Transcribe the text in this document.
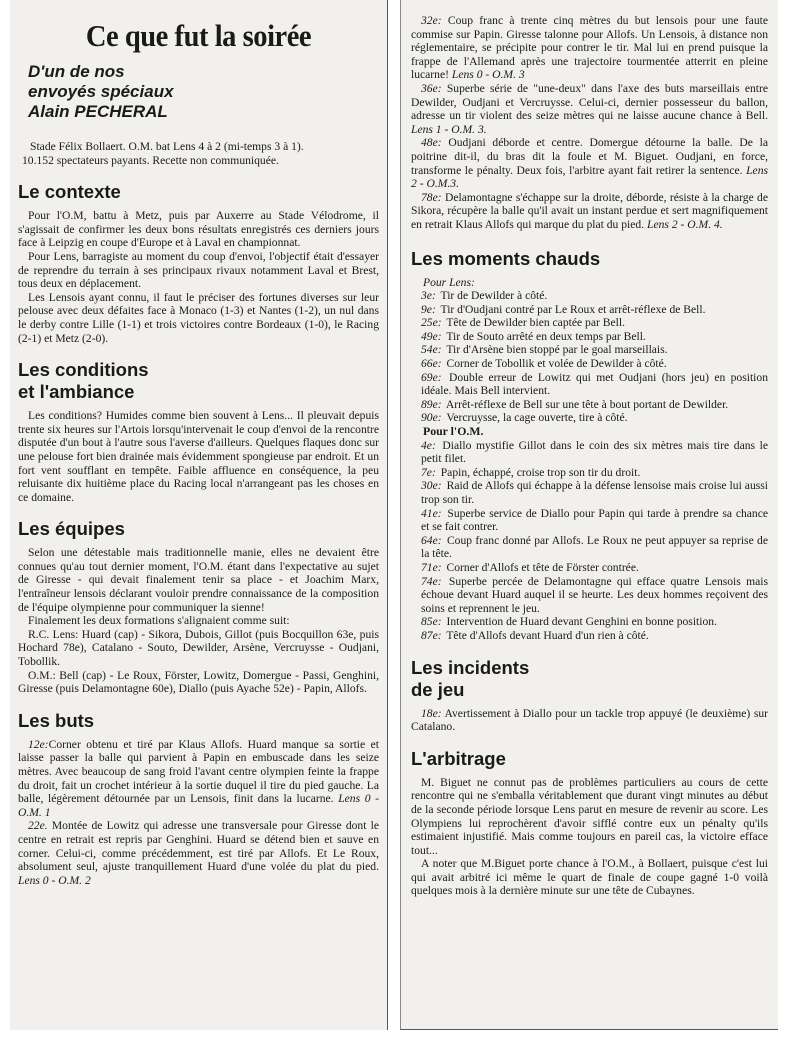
Ce que fut la soirée
D'un de nos
envoyés spéciaux
Alain PECHERAL

Stade Félix Bollaert. O.M. bat Lens 4 à 2 (mi-temps 3 à 1).

10.152 spectateurs payants. Recette non communiquée.

Le contexte

Pour l'O.M, battu à Metz, puis par Auxerre au Stade Vélodrome, il s'agissait de confirmer les deux bons résultats enregistrés ces derniers jours face à Leipzig en coupe d'Europe et à Laval en championnat.

Pour Lens, barragiste au moment du coup d'envoi, l'objectif était d'essayer de reprendre du terrain à ses principaux rivaux notamment Laval et Brest, tous deux en déplacement.

Les Lensois ayant connu, il faut le préciser des fortunes diverses sur leur pelouse avec deux défaites face à Monaco (1-3) et Nantes (1-2), un nul dans le derby contre Lille (1-1) et trois victoires contre Bordeaux (1-0), le Racing (2-1) et Metz (2-0).

Les conditions
et l'ambiance

Les conditions? Humides comme bien souvent à Lens... Il pleuvait depuis trente six heures sur l'Artois lorsqu'intervenait le coup d'envoi de la rencontre disputée d'un bout à l'autre sous l'averse d'ailleurs. Quelques flaques donc sur une pelouse fort bien drainée mais évidemment spongieuse par endroit. Et un fort vent soufflant en tempête. Faible affluence en conséquence, la peu reluisante dix huitième place du Racing local n'arrangeant pas les choses en ce domaine.

Les équipes

Selon une détestable mais traditionnelle manie, elles ne devaient être connues qu'au tout dernier moment, l'O.M. étant dans l'expectative au sujet de Giresse - qui devait finalement tenir sa place - et Joachim Marx, l'entraîneur lensois déclarant vouloir prendre connaissance de la composition de l'équipe olympienne pour communiquer la sienne!

Finalement les deux formations s'alignaient comme suit:

R.C. Lens: Huard (cap) - Sikora, Dubois, Gillot (puis Bocquillon 63e, puis Hochard 78e), Catalano - Souto, Dewilder, Arsène, Vercruysse - Oudjani, Tobollik.

O.M.: Bell (cap) - Le Roux, Förster, Lowitz, Domergue - Passi, Genghini, Giresse (puis Delamontagne 60e), Diallo (puis Ayache 52e) - Papin, Allofs.

Les buts

12e:Corner obtenu et tiré par Klaus Allofs. Huard manque sa sortie et laisse passer la balle qui parvient à Papin en embuscade dans les seize mètres. Avec beaucoup de sang froid l'avant centre olympien feinte la frappe du droit, fait un crochet intérieur à la sortie duquel il tire du pied gauche. La balle, légèrement détournée par un Lensois, finit dans la lucarne. Lens 0 - O.M. 1

22e. Montée de Lowitz qui adresse une transversale pour Giresse dont le centre en retrait est repris par Genghini. Huard se détend bien et sauve en corner. Celui-ci, comme précédemment, est tiré par Allofs. Et Le Roux, absolument seul, ajuste tranquillement Huard d'une volée du plat du pied. Lens 0 - O.M. 2

32e: Coup franc à trente cinq mètres du but lensois pour une faute commise sur Papin. Giresse talonne pour Allofs. Un Lensois, à distance non réglementaire, se précipite pour contrer le tir. Mal lui en prend puisque la frappe de l'Allemand après une trajectoire tourmentée atterrit en pleine lucarne! Lens 0 - O.M. 3

36e: Superbe série de "une-deux" dans l'axe des buts marseillais entre Dewilder, Oudjani et Vercruysse. Celui-ci, dernier possesseur du ballon, adresse un tir violent des seize mètres qui ne laisse aucune chance à Bell. Lens 1 - O.M. 3.

48e: Oudjani déborde et centre. Domergue détourne la balle. De la poitrine dit-il, du bras dit la foule et M. Biguet. Oudjani, en force, transforme le pénalty. Deux fois, l'arbitre ayant fait retirer la sentence. Lens 2 - O.M.3.

78e: Delamontagne s'échappe sur la droite, déborde, résiste à la charge de Sikora, récupère la balle qu'il avait un instant perdue et sert magnifiquement en retrait Klaus Allofs qui marque du plat du pied. Lens 2 - O.M. 4.

Les moments chauds

Pour Lens:

3e: Tir de Dewilder à côté.

9e: Tir d'Oudjani contré par Le Roux et arrêt-réflexe de Bell.

25e: Tête de Dewilder bien captée par Bell.

49e: Tir de Souto arrêté en deux temps par Bell.

54e: Tir d'Arsène bien stoppé par le goal marseillais.

66e: Corner de Tobollik et volée de Dewilder à côté.

69e: Double erreur de Lowitz qui met Oudjani (hors jeu) en position idéale. Mais Bell intervient.

89e: Arrêt-réflexe de Bell sur une tête à bout portant de Dewilder.

90e: Vercruysse, la cage ouverte, tire à côté.

Pour l'O.M.

4e: Diallo mystifie Gillot dans le coin des six mètres mais tire dans le petit filet.

7e: Papin, échappé, croise trop son tir du droit.

30e: Raid de Allofs qui échappe à la défense lensoise mais croise lui aussi trop son tir.

41e: Superbe service de Diallo pour Papin qui tarde à prendre sa chance et se fait contrer.

64e: Coup franc donné par Allofs. Le Roux ne peut appuyer sa reprise de la tête.

71e: Corner d'Allofs et tête de Förster contrée.

74e: Superbe percée de Delamontagne qui efface quatre Lensois mais échoue devant Huard auquel il se heurte. Les deux hommes reçoivent des soins et reprennent le jeu.

85e: Intervention de Huard devant Genghini en bonne position.

87e: Tête d'Allofs devant Huard d'un rien à côté.

Les incidents
de jeu

18e: Avertissement à Diallo pour un tackle trop appuyé (le deuxième) sur Catalano.

L'arbitrage

M. Biguet ne connut pas de problèmes particuliers au cours de cette rencontre qui ne s'emballa véritablement que durant vingt minutes au début de la seconde période lorsque Lens parut en mesure de revenir au score. Les Olympiens lui reprochèrent d'avoir sifflé contre eux un pénalty qu'ils estimaient injustifié. Mais comme toujours en pareil cas, la victoire efface tout...

A noter que M.Biguet porte chance à l'O.M., à Bollaert, puisque c'est lui qui avait arbitré ici même le quart de finale de coupe gagné 1-0 voilà quelques mois à la dernière minute sur une tête de Cubaynes.
